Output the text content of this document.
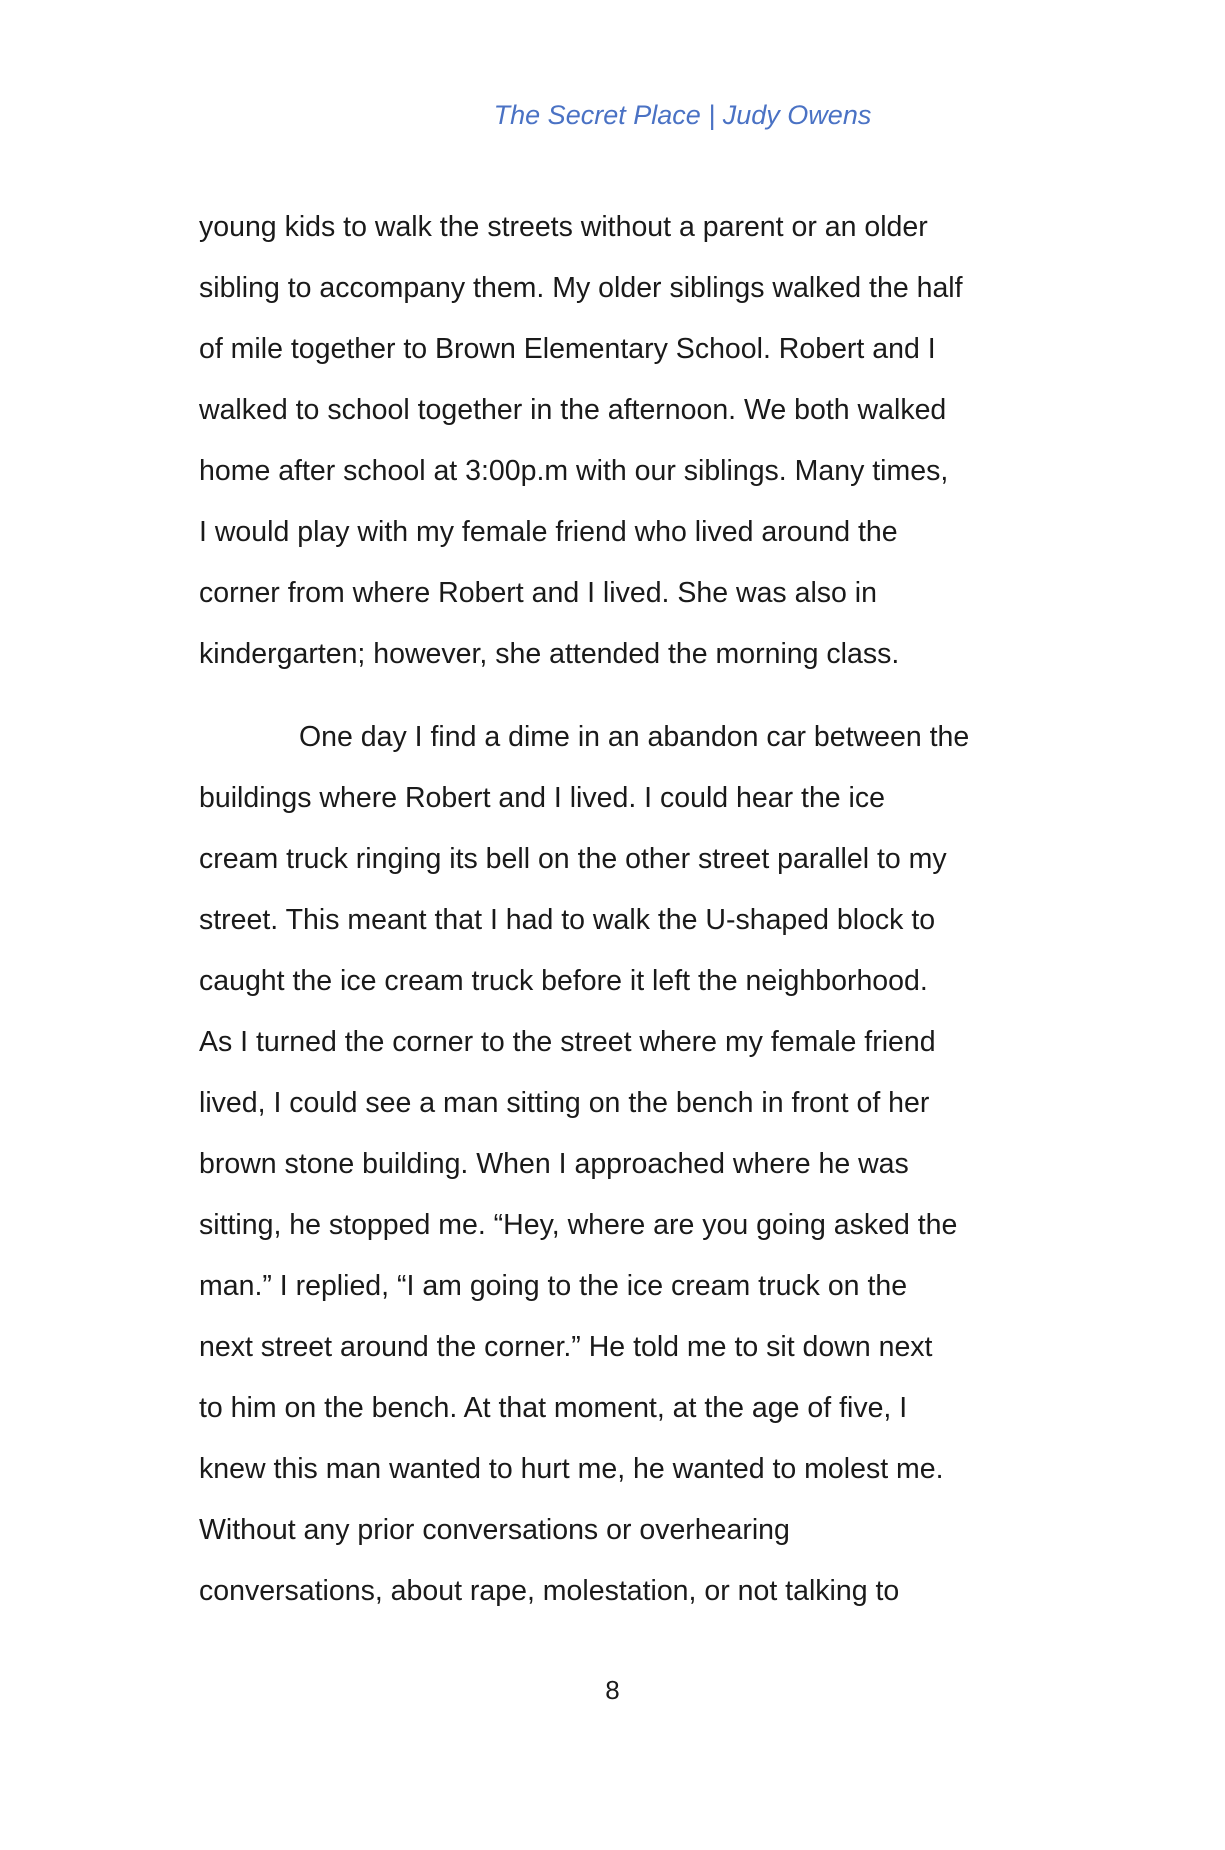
The Secret Place | Judy Owens
young kids to walk the streets without a parent or an older
sibling to accompany them. My older siblings walked the half
of mile together to Brown Elementary School. Robert and I
walked to school together in the afternoon. We both walked
home after school at 3:00p.m with our siblings. Many times,
I would play with my female friend who lived around the
corner from where Robert and I lived. She was also in
kindergarten; however, she attended the morning class.
One day I find a dime in an abandon car between the
buildings where Robert and I lived. I could hear the ice
cream truck ringing its bell on the other street parallel to my
street. This meant that I had to walk the U-shaped block to
caught the ice cream truck before it left the neighborhood.
As I turned the corner to the street where my female friend
lived, I could see a man sitting on the bench in front of her
brown stone building. When I approached where he was
sitting, he stopped me. “Hey, where are you going asked the
man.” I replied, “I am going to the ice cream truck on the
next street around the corner.” He told me to sit down next
to him on the bench. At that moment, at the age of five, I
knew this man wanted to hurt me, he wanted to molest me.
Without any prior conversations or overhearing
conversations, about rape, molestation, or not talking to
8
